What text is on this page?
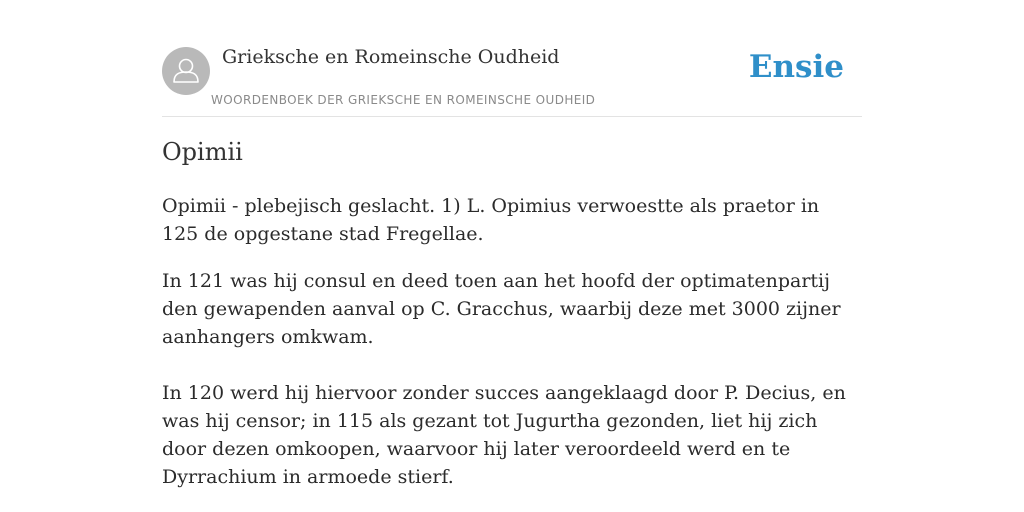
Grieksche en Romeinsche Oudheid
WOORDENBOEK DER GRIEKSCHE EN ROMEINSCHE OUDHEID
Ensie
Opimii

Opimii - plebejisch geslacht. 1) L. Opimius verwoestte als praetor in 125 de opgestane stad Fregellae.

In 121 was hij consul en deed toen aan het hoofd der optimatenpartij den gewapenden aanval op C. Gracchus, waarbij deze met 3000 zijner aanhangers omkwam.

In 120 werd hij hiervoor zonder succes aangeklaagd door P. Decius, en was hij censor; in 115 als gezant tot Jugurtha gezonden, liet hij zich door dezen omkoopen, waarvoor hij later veroordeeld werd en te Dyrrachium in armoede stierf.
